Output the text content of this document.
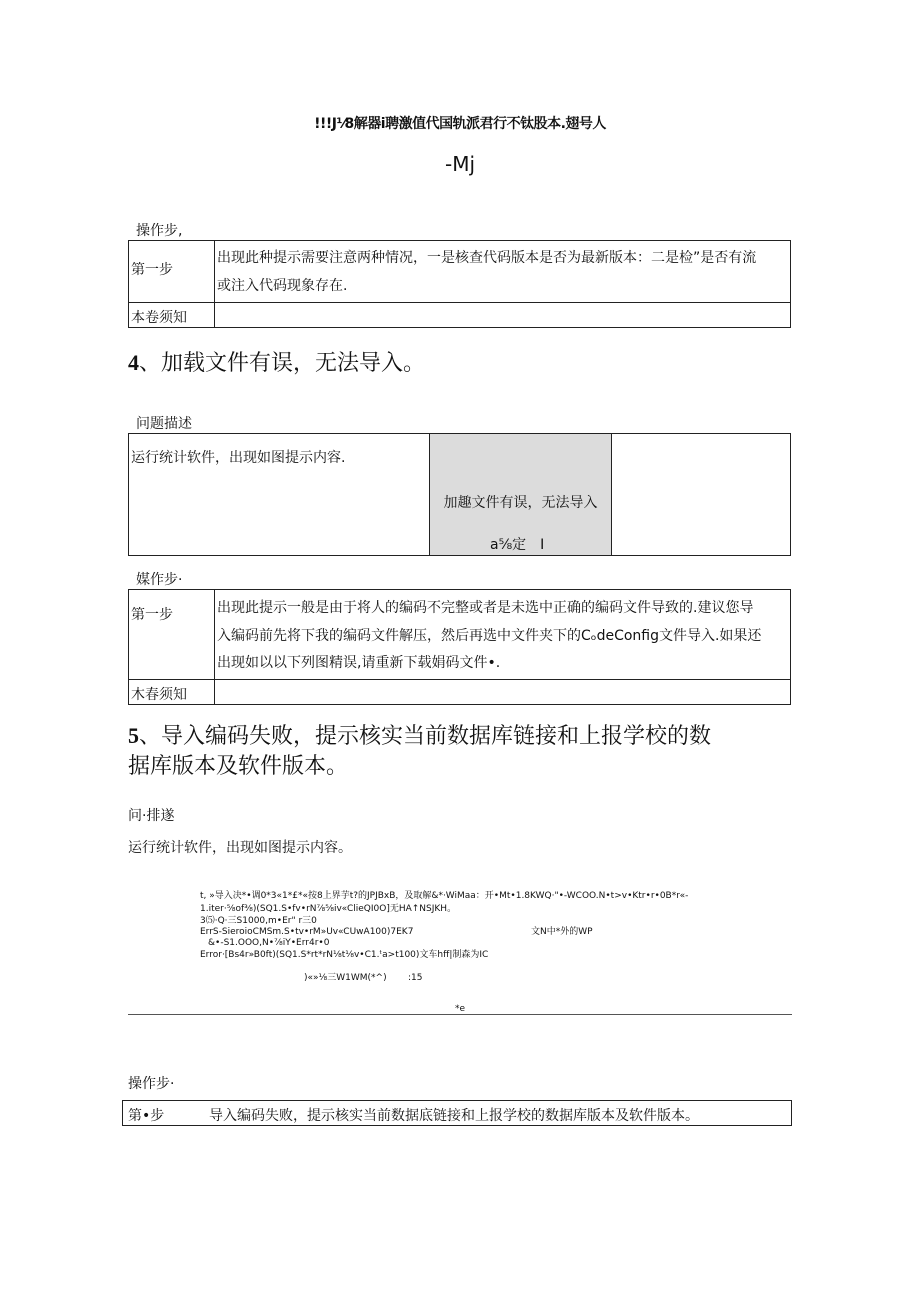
!!!J⅟8解器i聘激值代国轨派君行不钛股本.翅号人
-Mj
操作步,
第一步
出现此种提示需要注意两种情况，一是核查代码版本是否为最新版本：二是检”是否有流
或注入代码现象存在.
本卷须知
4、加载文件有误，无法导入。
问题描述
运行统计软件，出现如图提示内容.
加趣文件有误，无法导入
a⅝定　I
媒作步·
第一步	出现此提示一般是由于将人的编码不完整或者是未选中正确的编码文件导致的.建议您导
入编码前先将下我的编码文件解压，然后再选中文件夹下的CₒdeConfig文件导入.如果还
出现如以以下列图精误,请重新下载娟码文件•.
木春须知
5、导入编码失败，提示核实当前数据库链接和上报学校的数
据库版本及软件版本。
问·排遂
运行统计软件，出现如图提示内容。
t, »导入决*•调0*3«1*£*«按8上界芋t?的JPJBxB，及取解&*·WiMaa：开•Mt•1.8KWQ·"•-WCOO.N•t>v•Ktr•r•0B*r«-
1.iter·⅝of⅜)(SQ1.S•fv•rN⅞⅝iv«ClieQI0O]无HA↑NSJKH。
3⑸·Q·三S1000,m•Er" r三0
ErrS-SieroioCMSm.S•tv•rM»Uv«CUwA100)7EK7
&•-S1.OOO,N•⅞iY•Err4r•0
Error·[Bs4r»B0ft)(SQ1.S*rt*rN⅛t⅛v•C1.ᵗa>t100)文车hff|制森为IC
文N中*外的WP
)«»⅛三W1WM(*^) :15
*e
操作步·
第•步	导入编码失败，提示核实当前数据底链接和上报学校的数据库版本及软件版本。
